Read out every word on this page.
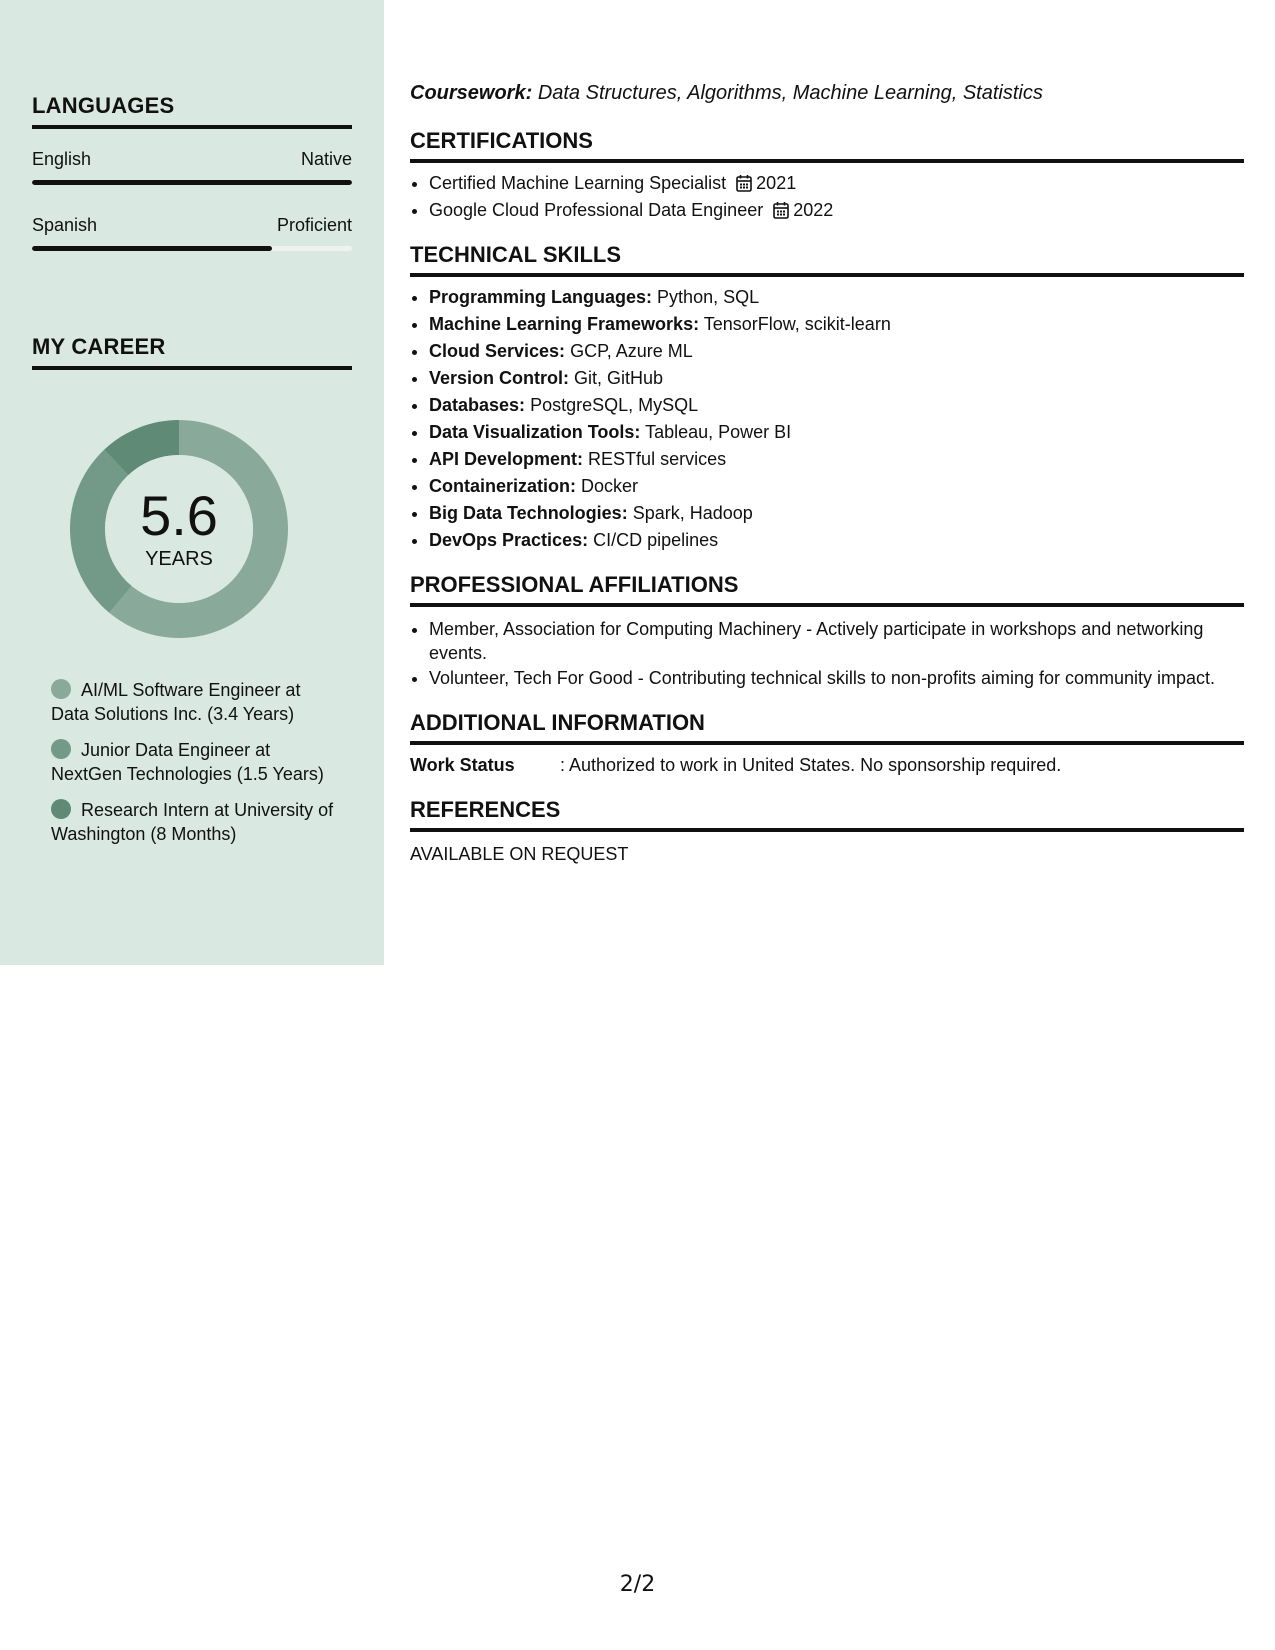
LANGUAGES
English	Native
Spanish	Proficient
MY CAREER
5.6
YEARS
AI/ML Software Engineer at Data Solutions Inc. (3.4 Years)
Junior Data Engineer at NextGen Technologies (1.5 Years)
Research Intern at University of Washington (8 Months)

Coursework: Data Structures, Algorithms, Machine Learning, Statistics

CERTIFICATIONS
• Certified Machine Learning Specialist 2021
• Google Cloud Professional Data Engineer 2022
TECHNICAL SKILLS
• Programming Languages: Python, SQL
• Machine Learning Frameworks: TensorFlow, scikit-learn
• Cloud Services: GCP, Azure ML
• Version Control: Git, GitHub
• Databases: PostgreSQL, MySQL
• Data Visualization Tools: Tableau, Power BI
• API Development: RESTful services
• Containerization: Docker
• Big Data Technologies: Spark, Hadoop
• DevOps Practices: CI/CD pipelines
PROFESSIONAL AFFILIATIONS
• Member, Association for Computing Machinery - Actively participate in workshops and networking events.
• Volunteer, Tech For Good - Contributing technical skills to non-profits aiming for community impact.
ADDITIONAL INFORMATION
Work Status	: Authorized to work in United States. No sponsorship required.
REFERENCES

AVAILABLE ON REQUEST

2/2
